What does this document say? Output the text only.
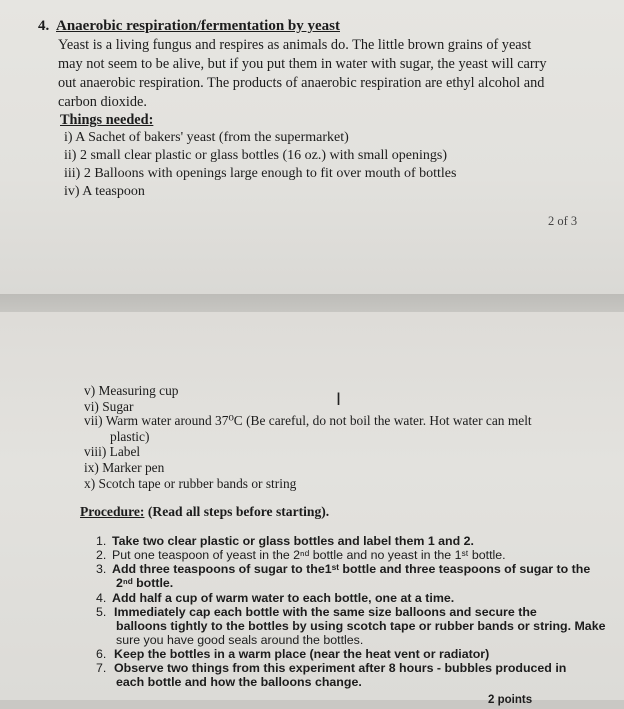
4. Anaerobic respiration/fermentation by yeast
Yeast is a living fungus and respires as animals do. The little brown grains of yeast
may not seem to be alive, but if you put them in water with sugar, the yeast will carry
out anaerobic respiration. The products of anaerobic respiration are ethyl alcohol and
carbon dioxide.
Things needed:
i) A Sachet of bakers' yeast (from the supermarket)
ii) 2 small clear plastic or glass bottles (16 oz.) with small openings)
iii) 2 Balloons with openings large enough to fit over mouth of bottles
iv) A teaspoon
2 of 3
v) Measuring cup
vi) Sugar
vii) Warm water around 37⁰C (Be careful, do not boil the water. Hot water can melt
plastic)
viii) Label
ix) Marker pen
x) Scotch tape or rubber bands or string
I
Procedure: (Read all steps before starting).
1. Take two clear plastic or glass bottles and label them 1 and 2.
2. Put one teaspoon of yeast in the 2ⁿᵈ bottle and no yeast in the 1ˢᵗ bottle.
3. Add three teaspoons of sugar to the1ˢᵗ bottle and three teaspoons of sugar to the
2ⁿᵈ bottle.
4. Add half a cup of warm water to each bottle, one at a time.
5. Immediately cap each bottle with the same size balloons and secure the
balloons tightly to the bottles by using scotch tape or rubber bands or string. Make
sure you have good seals around the bottles.
6. Keep the bottles in a warm place (near the heat vent or radiator)
7. Observe two things from this experiment after 8 hours - bubbles produced in
each bottle and how the balloons change.
2 points
